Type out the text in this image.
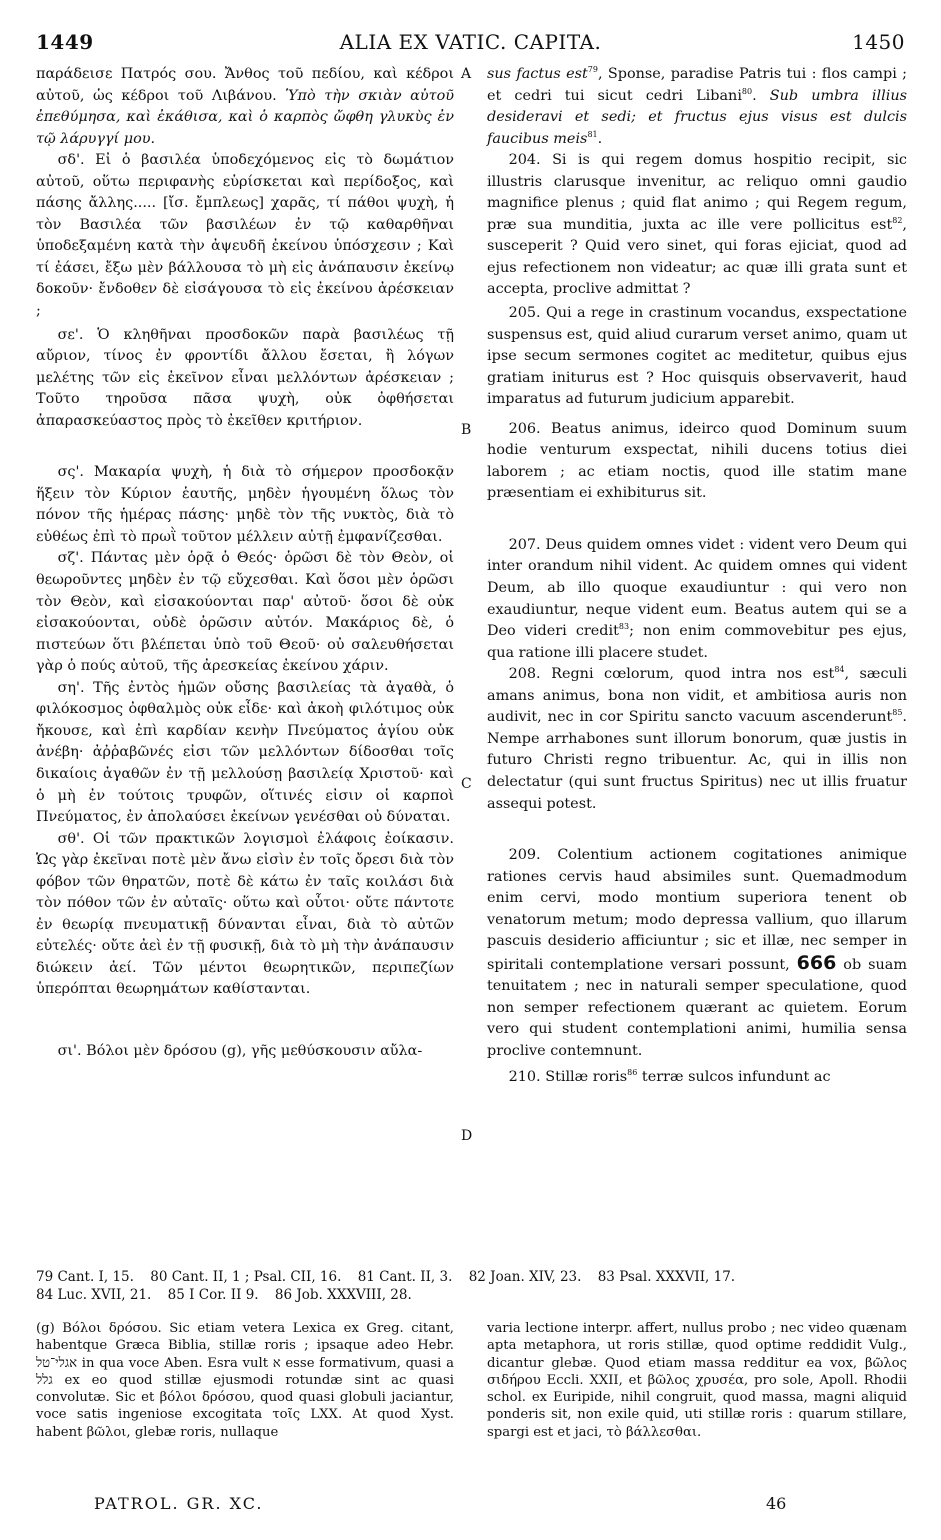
1449	ALIA EX VATIC. CAPITA.	1450

παράδεισε Πατρός σου. Ἄνθος τοῦ πεδίου, καὶ κέδροι αὐτοῦ, ὡς κέδροι τοῦ Λιβάνου. Ὑπὸ τὴν σκιὰν αὐτοῦ ἐπεθύμησα, καὶ ἐκάθισα, καὶ ὁ καρπὸς ὤφθη γλυκὺς ἐν τῷ λάρυγγί μου.

σδ'. Εἰ ὁ βασιλέα ὑποδεχόμενος εἰς τὸ δωμάτιον αὐτοῦ, οὕτω περιφανὴς εὑρίσκεται καὶ περίδοξος, καὶ πάσης ἄλλης..... [ἴσ. ἔμπλεως] χαρᾶς, τί πάθοι ψυχὴ, ἡ τὸν Βασιλέα τῶν βασιλέων ἐν τῷ καθαρθῆναι ὑποδεξαμένη κατὰ τὴν ἀψευδῆ ἐκείνου ὑπόσχεσιν ; Καὶ τί ἐάσει, ἔξω μὲν βάλλουσα τὸ μὴ εἰς ἀνάπαυσιν ἐκείνῳ δοκοῦν· ἔνδοθεν δὲ εἰσάγουσα τὸ εἰς ἐκείνου ἀρέσκειαν ;

σε'. Ὁ κληθῆναι προσδοκῶν παρὰ βασιλέως τῇ αὔριον, τίνος ἐν φροντίδι ἄλλου ἔσεται, ἢ λόγων μελέτης τῶν εἰς ἐκεῖνον εἶναι μελλόντων ἀρέσκειαν ; Τοῦτο τηροῦσα πᾶσα ψυχὴ, οὐκ ὀφθήσεται ἀπαρασκεύαστος πρὸς τὸ ἐκεῖθεν κριτήριον.

σς'. Μακαρία ψυχὴ, ἡ διὰ τὸ σήμερον προσδοκᾷν ἥξειν τὸν Κύριον ἑαυτῆς, μηδὲν ἡγουμένη ὅλως τὸν πόνον τῆς ἡμέρας πάσης· μηδὲ τὸν τῆς νυκτὸς, διὰ τὸ εὐθέως ἐπὶ τὸ πρωῒ τοῦτον μέλλειν αὐτῇ ἐμφανίζεσθαι.

σζ'. Πάντας μὲν ὁρᾷ ὁ Θεός· ὁρῶσι δὲ τὸν Θεὸν, οἱ θεωροῦντες μηδὲν ἐν τῷ εὔχεσθαι. Καὶ ὅσοι μὲν ὁρῶσι τὸν Θεὸν, καὶ εἰσακούονται παρ' αὐτοῦ· ὅσοι δὲ οὐκ εἰσακούονται, οὐδὲ ὁρῶσιν αὐτόν. Μακάριος δὲ, ὁ πιστεύων ὅτι βλέπεται ὑπὸ τοῦ Θεοῦ· οὐ σαλευθήσεται γὰρ ὁ πούς αὐτοῦ, τῆς ἀρεσκείας ἐκείνου χάριν.

ση'. Τῆς ἐντὸς ἡμῶν οὔσης βασιλείας τὰ ἀγαθὰ, ὁ φιλόκοσμος ὀφθαλμὸς οὐκ εἶδε· καὶ ἀκοὴ φιλότιμος οὐκ ἤκουσε, καὶ ἐπὶ καρδίαν κενὴν Πνεύματος ἁγίου οὐκ ἀνέβη· ἀῤῥαβῶνές εἰσι τῶν μελλόντων δίδοσθαι τοῖς δικαίοις ἀγαθῶν ἐν τῇ μελλούσῃ βασιλείᾳ Χριστοῦ· καὶ ὁ μὴ ἐν τούτοις τρυφῶν, οἵτινές εἰσιν οἱ καρποὶ Πνεύματος, ἐν ἀπολαύσει ἐκείνων γενέσθαι οὐ δύναται.

σθ'. Οἱ τῶν πρακτικῶν λογισμοὶ ἐλάφοις ἐοίκασιν. Ὡς γὰρ ἐκεῖναι ποτὲ μὲν ἄνω εἰσὶν ἐν τοῖς ὄρεσι διὰ τὸν φόβον τῶν θηρατῶν, ποτὲ δὲ κάτω ἐν ταῖς κοιλάσι διὰ τὸν πόθον τῶν ἐν αὐταῖς· οὕτω καὶ οὗτοι· οὔτε πάντοτε ἐν θεωρίᾳ πνευματικῇ δύνανται εἶναι, διὰ τὸ αὐτῶν εὐτελές· οὔτε ἀεὶ ἐν τῇ φυσικῇ, διὰ τὸ μὴ τὴν ἀνάπαυσιν διώκειν ἀεί. Τῶν μέντοι θεωρητικῶν, περιπεζίων ὑπερόπται θεωρημάτων καθίστανται.

σι'. Βόλοι μὲν δρόσου (g), γῆς μεθύσκουσιν αὔλα-

A
B
C
D

sus factus est$^{79}$, Sponse, paradise Patris tui : flos campi ; et cedri tui sicut cedri Libani$^{80}$. Sub umbra illius desideravi et sedi; et fructus ejus visus est dulcis faucibus meis$^{81}$.

204. Si is qui regem domus hospitio recipit, sic illustris clarusque invenitur, ac reliquo omni gaudio magnifice plenus ; quid flat animo ; qui Regem regum, præ sua munditia, juxta ac ille vere pollicitus est$^{82}$, susceperit ? Quid vero sinet, qui foras ejiciat, quod ad ejus refectionem non videatur; ac quæ illi grata sunt et accepta, proclive admittat ?

205. Qui a rege in crastinum vocandus, exspectatione suspensus est, quid aliud curarum verset animo, quam ut ipse secum sermones cogitet ac meditetur, quibus ejus gratiam initurus est ? Hoc quisquis observaverit, haud imparatus ad futurum judicium apparebit.

206. Beatus animus, ideirco quod Dominum suum hodie venturum exspectat, nihili ducens totius diei laborem ; ac etiam noctis, quod ille statim mane præsentiam ei exhibiturus sit.

207. Deus quidem omnes videt : vident vero Deum qui inter orandum nihil vident. Ac quidem omnes qui vident Deum, ab illo quoque exaudiuntur : qui vero non exaudiuntur, neque vident eum. Beatus autem qui se a Deo videri credit$^{83}$; non enim commovebitur pes ejus, qua ratione illi placere studet.

208. Regni cœlorum, quod intra nos est$^{84}$, sæculi amans animus, bona non vidit, et ambitiosa auris non audivit, nec in cor Spiritu sancto vacuum ascenderunt$^{85}$. Nempe arrhabones sunt illorum bonorum, quæ justis in futuro Christi regno tribuentur. Ac, qui in illis non delectatur (qui sunt fructus Spiritus) nec ut illis fruatur assequi potest.

209. Colentium actionem cogitationes animique rationes cervis haud absimiles sunt. Quemadmodum enim cervi, modo montium superiora tenent ob venatorum metum; modo depressa vallium, quo illarum pascuis desiderio afficiuntur ; sic et illæ, nec semper in spiritali contemplatione versari possunt, 666 ob suam tenuitatem ; nec in naturali semper speculatione, quod non semper refectionem quærant ac quietem. Eorum vero qui student contemplationi animi, humilia sensa proclive contemnunt.

210. Stillæ roris$^{86}$ terræ sulcos infundunt ac

79 Cant. I, 15. 80 Cant. II, 1 ; Psal. CII, 16. 81 Cant. II, 3. 82 Joan. XIV, 23. 83 Psal. XXXVII, 17.
84 Luc. XVII, 21. 85 I Cor. II 9. 86 Job. XXXVIII, 28.

(g) Βόλοι δρόσου. Sic etiam vetera Lexica ex Greg. citant, habentque Græca Biblia, stillæ roris ; ipsaque adeo Hebr. אגלי־טל in qua voce Aben. Esra vult א esse formativum, quasi a גלל ex eo quod stillæ ejusmodi rotundæ sint ac quasi convolutæ. Sic et βόλοι δρόσου, quod quasi globuli jaciantur, voce satis ingeniose excogitata τοῖς LXX. At quod Xyst. habent βῶλοι, glebæ roris, nullaque

varia lectione interpr. affert, nullus probo ; nec video quænam apta metaphora, ut roris stillæ, quod optime reddidit Vulg., dicantur glebæ. Quod etiam massa redditur ea vox, βῶλος σιδήρου Eccli. XXII, et βῶλος χρυσέα, pro sole, Apoll. Rhodii schol. ex Euripide, nihil congruit, quod massa, magni aliquid ponderis sit, non exile quid, uti stillæ roris : quarum stillare, spargi est et jaci, τὸ βάλλεσθαι.

PATROL. GR. XC.	46
